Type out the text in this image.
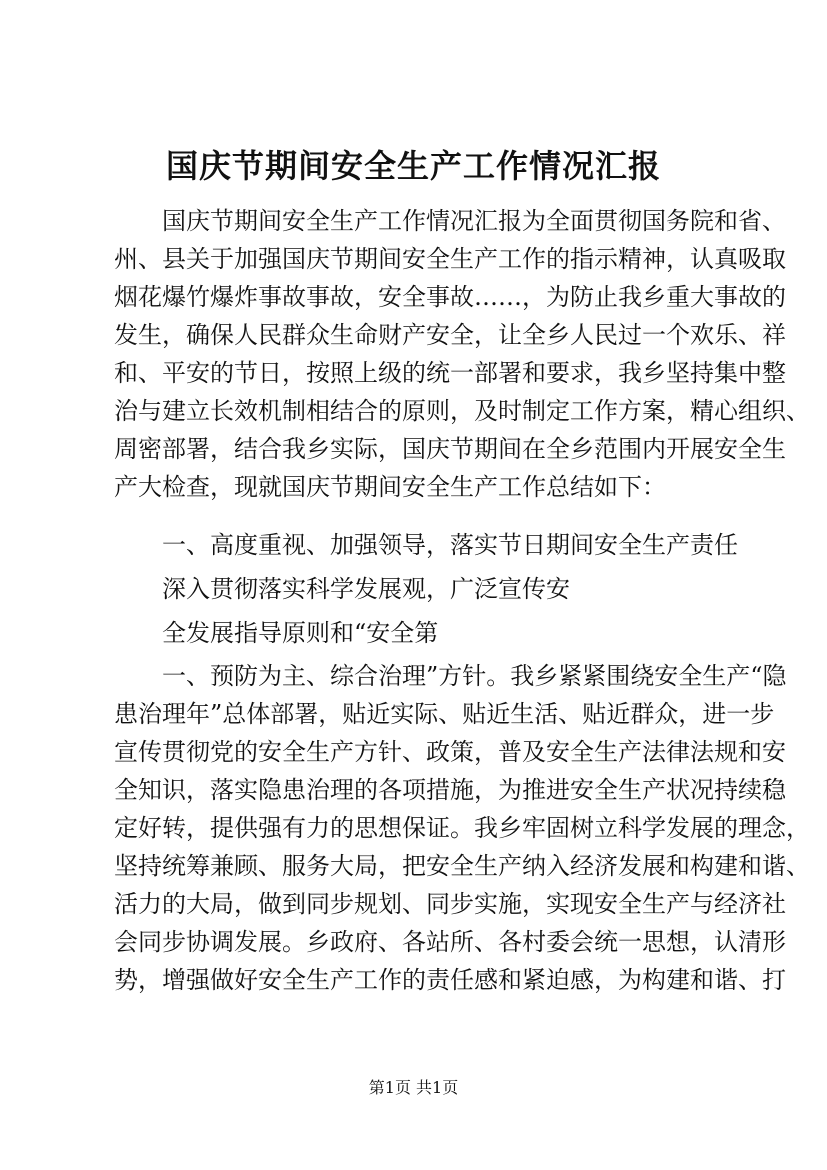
国庆节期间安全生产工作情况汇报
国庆节期间安全生产工作情况汇报为全面贯彻国务院和省、
州、县关于加强国庆节期间安全生产工作的指示精神，认真吸取
烟花爆竹爆炸事故事故，安全事故……，为防止我乡重大事故的
发生，确保人民群众生命财产安全，让全乡人民过一个欢乐、祥
和、平安的节日，按照上级的统一部署和要求，我乡坚持集中整
治与建立长效机制相结合的原则，及时制定工作方案，精心组织、
周密部署，结合我乡实际，国庆节期间在全乡范围内开展安全生
产大检查，现就国庆节期间安全生产工作总结如下：
一、高度重视、加强领导，落实节日期间安全生产责任
深入贯彻落实科学发展观，广泛宣传安
全发展指导原则和“安全第
一、预防为主、综合治理”方针。我乡紧紧围绕安全生产“隐
患治理年”总体部署，贴近实际、贴近生活、贴近群众，进一步
宣传贯彻党的安全生产方针、政策，普及安全生产法律法规和安
全知识，落实隐患治理的各项措施，为推进安全生产状况持续稳
定好转，提供强有力的思想保证。我乡牢固树立科学发展的理念，
坚持统筹兼顾、服务大局，把安全生产纳入经济发展和构建和谐、
活力的大局，做到同步规划、同步实施，实现安全生产与经济社
会同步协调发展。乡政府、各站所、各村委会统一思想，认清形
势，增强做好安全生产工作的责任感和紧迫感，为构建和谐、打
第1页 共1页
